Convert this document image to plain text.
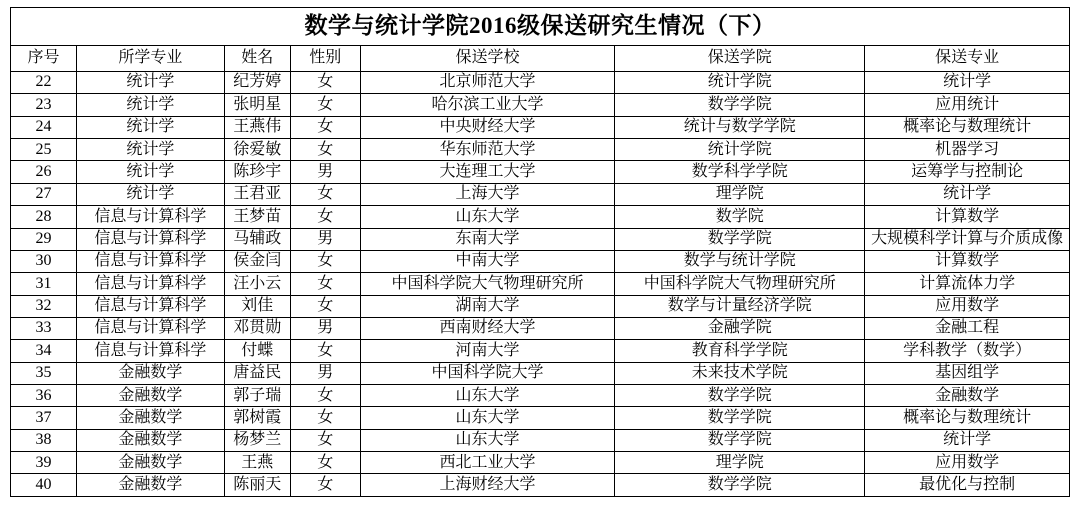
数学与统计学院2016级保送研究生情况（下）						
序号	所学专业	姓名	性别	保送学校	保送学院	保送专业
22	统计学	纪芳婷	女	北京师范大学	统计学院	统计学
23	统计学	张明星	女	哈尔滨工业大学	数学学院	应用统计
24	统计学	王燕伟	女	中央财经大学	统计与数学学院	概率论与数理统计
25	统计学	徐爱敏	女	华东师范大学	统计学院	机器学习
26	统计学	陈珍宇	男	大连理工大学	数学科学学院	运筹学与控制论
27	统计学	王君亚	女	上海大学	理学院	统计学
28	信息与计算科学	王梦苗	女	山东大学	数学院	计算数学
29	信息与计算科学	马辅政	男	东南大学	数学学院	大规模科学计算与介质成像
30	信息与计算科学	侯金闫	女	中南大学	数学与统计学院	计算数学
31	信息与计算科学	汪小云	女	中国科学院大气物理研究所	中国科学院大气物理研究所	计算流体力学
32	信息与计算科学	刘佳	女	湖南大学	数学与计量经济学院	应用数学
33	信息与计算科学	邓贯勋	男	西南财经大学	金融学院	金融工程
34	信息与计算科学	付蝶	女	河南大学	教育科学学院	学科教学（数学）
35	金融数学	唐益民	男	中国科学院大学	未来技术学院	基因组学
36	金融数学	郭子瑞	女	山东大学	数学学院	金融数学
37	金融数学	郭树霞	女	山东大学	数学学院	概率论与数理统计
38	金融数学	杨梦兰	女	山东大学	数学学院	统计学
39	金融数学	王燕	女	西北工业大学	理学院	应用数学
40	金融数学	陈丽天	女	上海财经大学	数学学院	最优化与控制
